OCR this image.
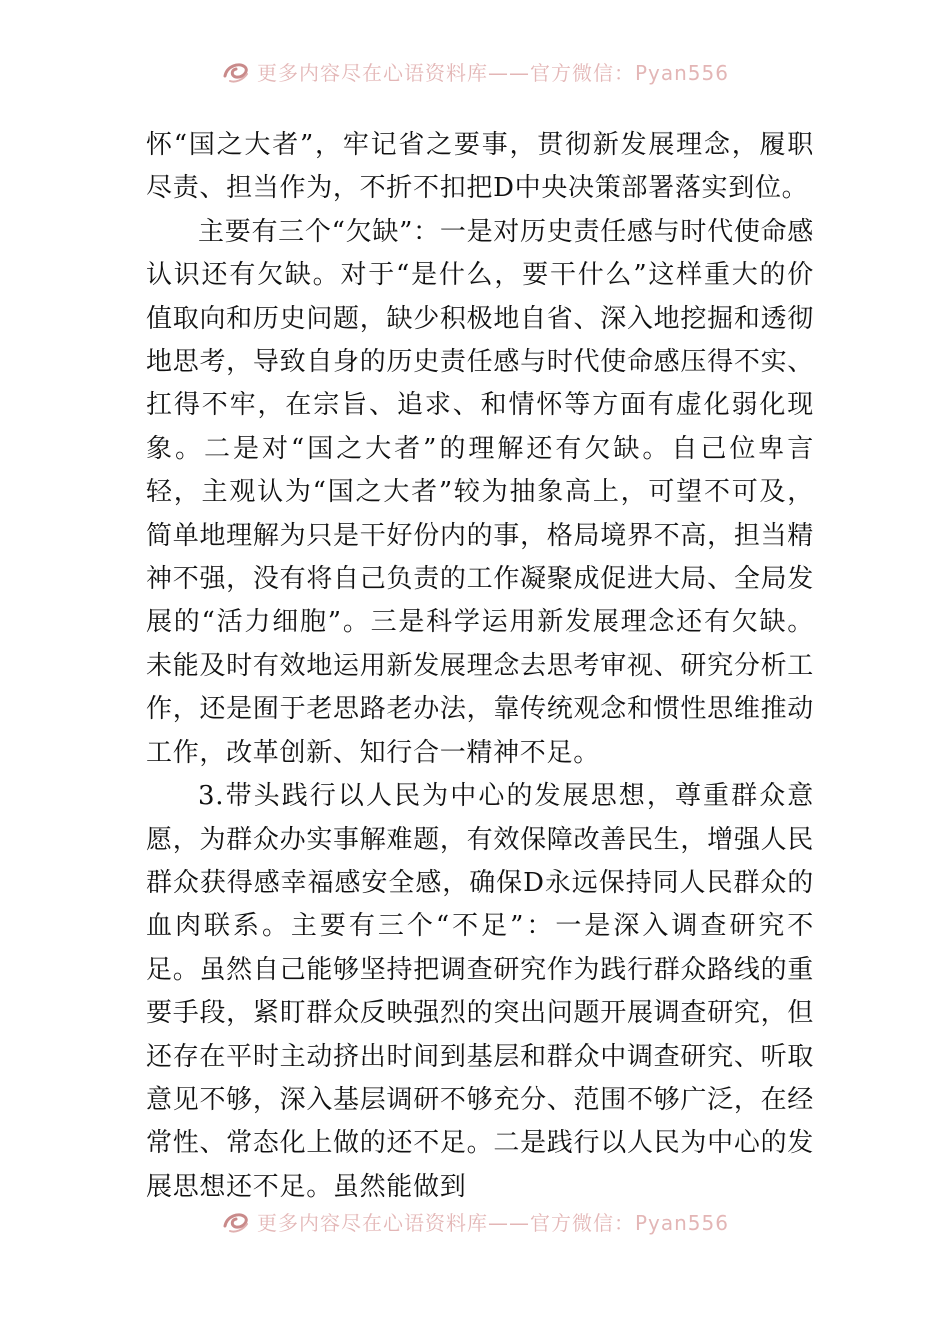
更多内容尽在心语资料库——官方微信：Pyan556

怀“国之大者”，牢记省之要事，贯彻新发展理念，履职尽责、担当作为，不折不扣把D中央决策部署落实到位。

主要有三个“欠缺”：一是对历史责任感与时代使命感认识还有欠缺。对于“是什么，要干什么”这样重大的价值取向和历史问题，缺少积极地自省、深入地挖掘和透彻地思考，导致自身的历史责任感与时代使命感压得不实、扛得不牢，在宗旨、追求、和情怀等方面有虚化弱化现象。二是对“国之大者”的理解还有欠缺。自己位卑言轻，主观认为“国之大者”较为抽象高上，可望不可及，简单地理解为只是干好份内的事，格局境界不高，担当精神不强，没有将自己负责的工作凝聚成促进大局、全局发展的“活力细胞”。三是科学运用新发展理念还有欠缺。未能及时有效地运用新发展理念去思考审视、研究分析工作，还是囿于老思路老办法，靠传统观念和惯性思维推动工作，改革创新、知行合一精神不足。

3.带头践行以人民为中心的发展思想，尊重群众意愿，为群众办实事解难题，有效保障改善民生，增强人民群众获得感幸福感安全感，确保D永远保持同人民群众的血肉联系。主要有三个“不足”：一是深入调查研究不足。虽然自己能够坚持把调查研究作为践行群众路线的重要手段，紧盯群众反映强烈的突出问题开展调查研究，但还存在平时主动挤出时间到基层和群众中调查研究、听取意见不够，深入基层调研不够充分、范围不够广泛，在经常性、常态化上做的还不足。二是践行以人民为中心的发展思想还不足。虽然能做到

更多内容尽在心语资料库——官方微信：Pyan556
